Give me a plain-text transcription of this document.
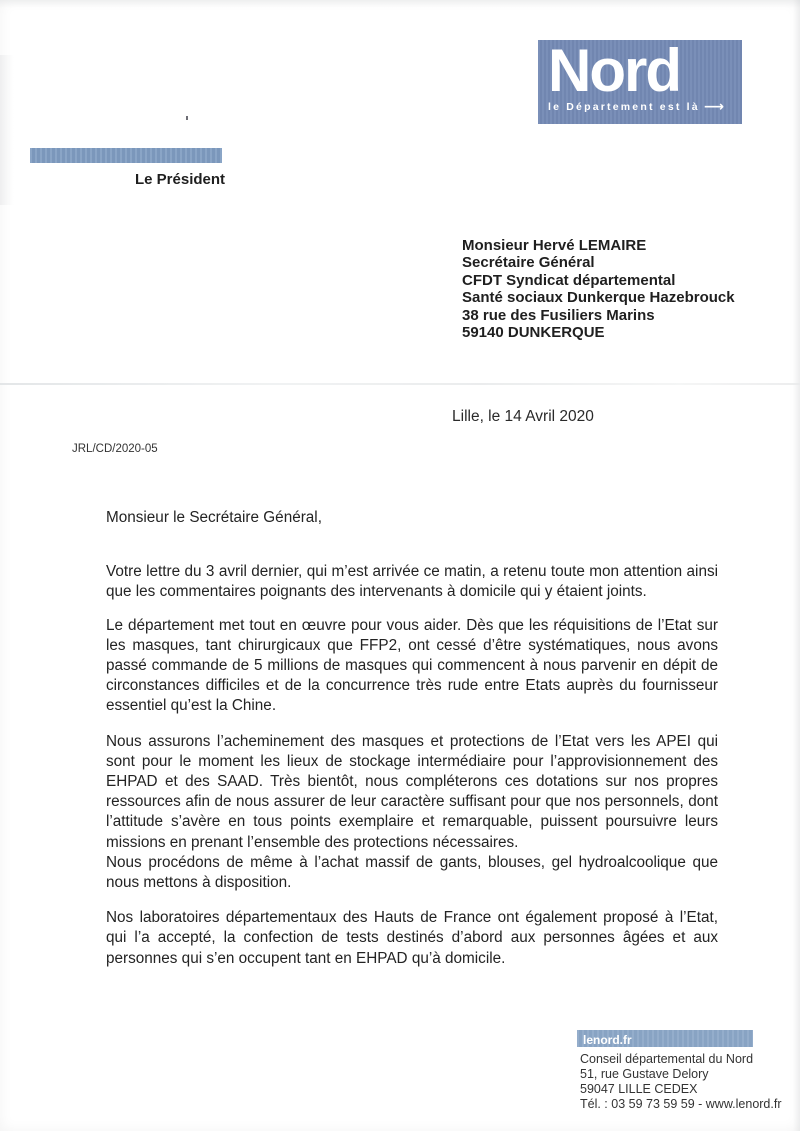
Nord
le Département est là ⟶
Le Président
Monsieur Hervé LEMAIRE
Secrétaire Général
CFDT Syndicat départemental
Santé sociaux Dunkerque Hazebrouck
38 rue des Fusiliers Marins
59140 DUNKERQUE
Lille, le 14 Avril 2020
JRL/CD/2020-05

Monsieur le Secrétaire Général,

Votre lettre du 3 avril dernier, qui m’est arrivée ce matin, a retenu toute mon attention ainsi que les commentaires poignants des intervenants à domicile qui y étaient joints.

Le département met tout en œuvre pour vous aider. Dès que les réquisitions de l’Etat sur les masques, tant chirurgicaux que FFP2, ont cessé d’être systématiques, nous avons passé commande de 5 millions de masques qui commencent à nous parvenir en dépit de circonstances difficiles et de la concurrence très rude entre Etats auprès du fournisseur essentiel qu’est la Chine.

Nous assurons l’acheminement des masques et protections de l’Etat vers les APEI qui sont pour le moment les lieux de stockage intermédiaire pour l’approvisionnement des EHPAD et des SAAD. Très bientôt, nous compléterons ces dotations sur nos propres ressources afin de nous assurer de leur caractère suffisant pour que nos personnels, dont l’attitude s’avère en tous points exemplaire et remarquable, puissent poursuivre leurs missions en prenant l’ensemble des protections nécessaires.

Nous procédons de même à l’achat massif de gants, blouses, gel hydroalcoolique que nous mettons à disposition.

Nos laboratoires départementaux des Hauts de France ont également proposé à l’Etat, qui l’a accepté, la confection de tests destinés d’abord aux personnes âgées et aux personnes qui s’en occupent tant en EHPAD qu’à domicile.

lenord.fr
Conseil départemental du Nord
51, rue Gustave Delory
59047 LILLE CEDEX
Tél. : 03 59 73 59 59 - www.lenord.fr
